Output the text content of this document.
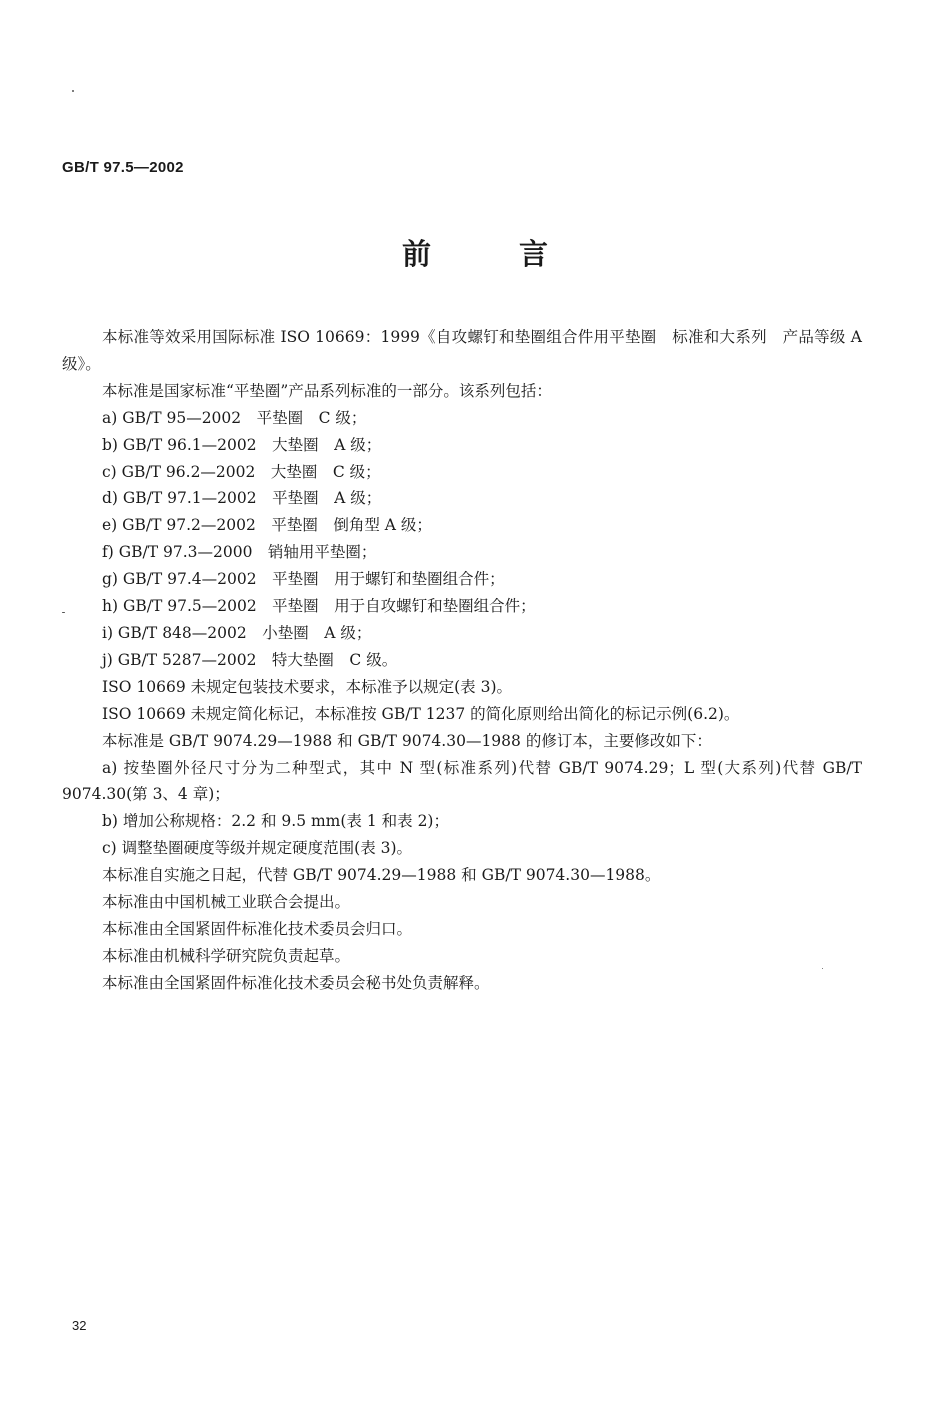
GB/T 97.5—2002
前言

本标准等效采用国际标准 ISO 10669：1999《自攻螺钉和垫圈组合件用平垫圈　标准和大系列　产品等级 A 级》。

本标准是国家标准“平垫圈”产品系列标准的一部分。该系列包括：

a) GB/T 95—2002　平垫圈　C 级；

b) GB/T 96.1—2002　大垫圈　A 级；

c) GB/T 96.2—2002　大垫圈　C 级；

d) GB/T 97.1—2002　平垫圈　A 级；

e) GB/T 97.2—2002　平垫圈　倒角型 A 级；

f) GB/T 97.3—2000　销轴用平垫圈；

g) GB/T 97.4—2002　平垫圈　用于螺钉和垫圈组合件；

h) GB/T 97.5—2002　平垫圈　用于自攻螺钉和垫圈组合件；

i) GB/T 848—2002　小垫圈　A 级；

j) GB/T 5287—2002　特大垫圈　C 级。

ISO 10669 未规定包装技术要求，本标准予以规定(表 3)。

ISO 10669 未规定简化标记，本标准按 GB/T 1237 的简化原则给出简化的标记示例(6.2)。

本标准是 GB/T 9074.29—1988 和 GB/T 9074.30—1988 的修订本，主要修改如下：

a) 按垫圈外径尺寸分为二种型式，其中 N 型(标准系列)代替 GB/T 9074.29；L 型(大系列)代替 GB/T 9074.30(第 3、4 章)；

b) 增加公称规格：2.2 和 9.5 mm(表 1 和表 2)；

c) 调整垫圈硬度等级并规定硬度范围(表 3)。

本标准自实施之日起，代替 GB/T 9074.29—1988 和 GB/T 9074.30—1988。

本标准由中国机械工业联合会提出。

本标准由全国紧固件标准化技术委员会归口。

本标准由机械科学研究院负责起草。

本标准由全国紧固件标准化技术委员会秘书处负责解释。

32
